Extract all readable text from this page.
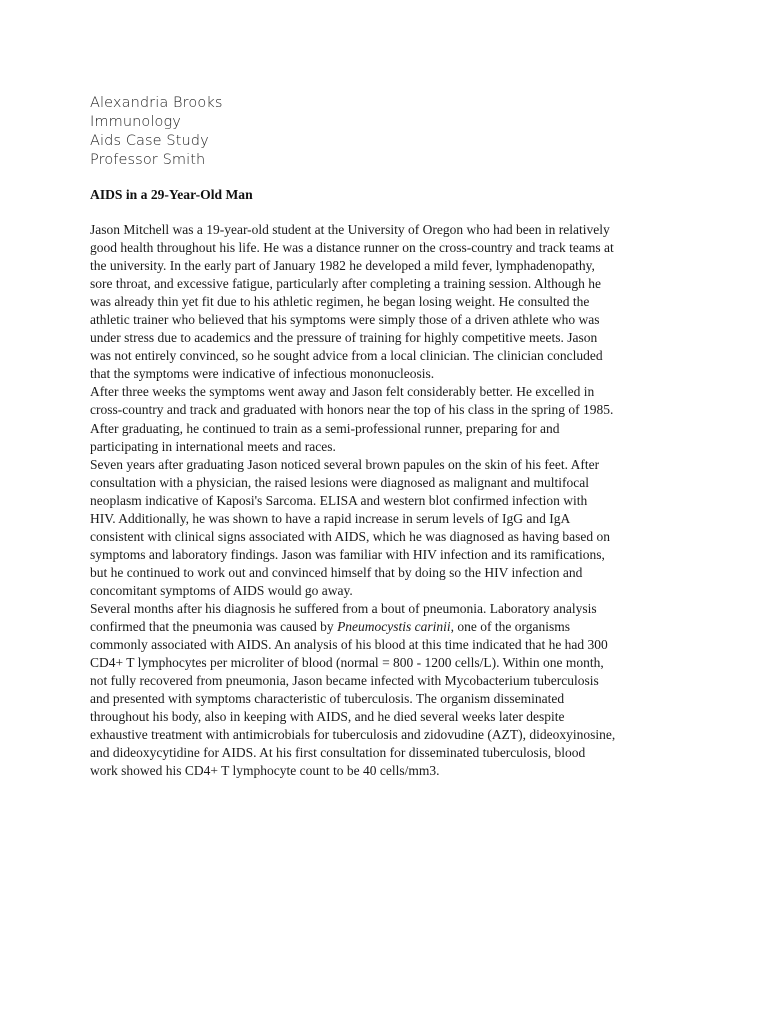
Alexandria Brooks
Immunology
Aids Case Study
Professor Smith
AIDS in a 29-Year-Old Man
Jason Mitchell was a 19-year-old student at the University of Oregon who had been in relatively
good health throughout his life. He was a distance runner on the cross-country and track teams at
the university. In the early part of January 1982 he developed a mild fever, lymphadenopathy,
sore throat, and excessive fatigue, particularly after completing a training session. Although he
was already thin yet fit due to his athletic regimen, he began losing weight. He consulted the
athletic trainer who believed that his symptoms were simply those of a driven athlete who was
under stress due to academics and the pressure of training for highly competitive meets. Jason
was not entirely convinced, so he sought advice from a local clinician. The clinician concluded
that the symptoms were indicative of infectious mononucleosis.
After three weeks the symptoms went away and Jason felt considerably better. He excelled in
cross-country and track and graduated with honors near the top of his class in the spring of 1985.
After graduating, he continued to train as a semi-professional runner, preparing for and
participating in international meets and races.
Seven years after graduating Jason noticed several brown papules on the skin of his feet. After
consultation with a physician, the raised lesions were diagnosed as malignant and multifocal
neoplasm indicative of Kaposi's Sarcoma. ELISA and western blot confirmed infection with
HIV. Additionally, he was shown to have a rapid increase in serum levels of IgG and IgA
consistent with clinical signs associated with AIDS, which he was diagnosed as having based on
symptoms and laboratory findings. Jason was familiar with HIV infection and its ramifications,
but he continued to work out and convinced himself that by doing so the HIV infection and
concomitant symptoms of AIDS would go away.
Several months after his diagnosis he suffered from a bout of pneumonia. Laboratory analysis
confirmed that the pneumonia was caused by Pneumocystis carinii, one of the organisms
commonly associated with AIDS. An analysis of his blood at this time indicated that he had 300
CD4+ T lymphocytes per microliter of blood (normal = 800 - 1200 cells/L). Within one month,
not fully recovered from pneumonia, Jason became infected with Mycobacterium tuberculosis
and presented with symptoms characteristic of tuberculosis. The organism disseminated
throughout his body, also in keeping with AIDS, and he died several weeks later despite
exhaustive treatment with antimicrobials for tuberculosis and zidovudine (AZT), dideoxyinosine,
and dideoxycytidine for AIDS. At his first consultation for disseminated tuberculosis, blood
work showed his CD4+ T lymphocyte count to be 40 cells/mm3.
